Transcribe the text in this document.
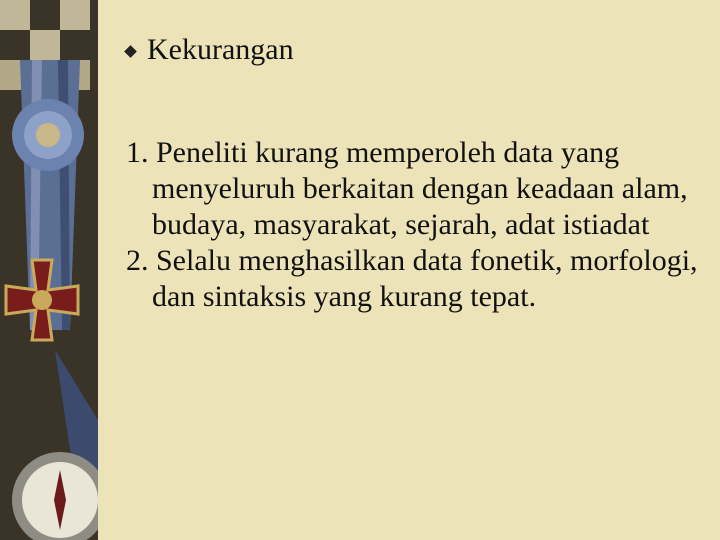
Kekurangan
1. Peneliti kurang memperoleh data yang menyeluruh berkaitan dengan keadaan alam, budaya, masyarakat, sejarah, adat istiadat
2. Selalu menghasilkan data fonetik, morfologi, dan sintaksis yang kurang tepat.
